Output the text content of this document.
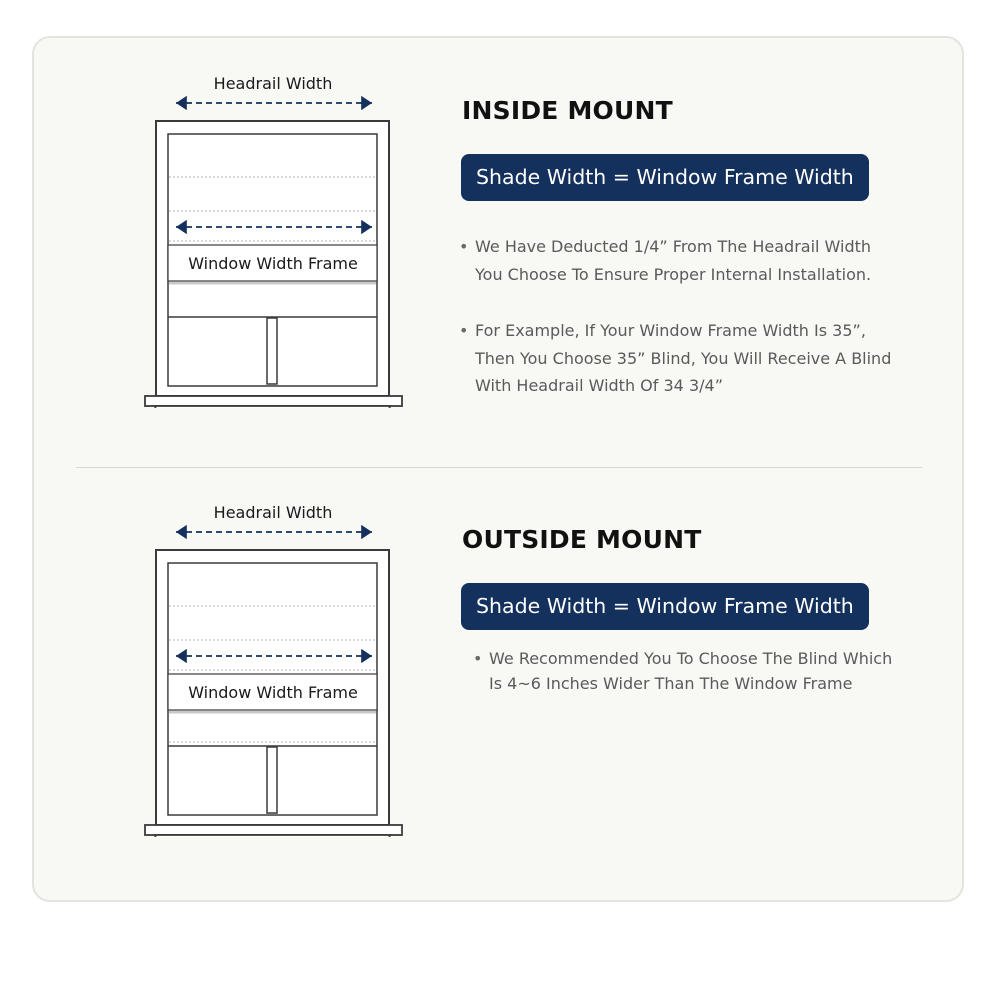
Headrail Width
Window Width Frame
INSIDE MOUNT
Shade Width = Window Frame Width
• We Have Deducted 1/4” From The Headrail Width You Choose To Ensure Proper Internal Installation.
• For Example, If Your Window Frame Width Is 35”, Then You Choose 35” Blind, You Will Receive A Blind With Headrail Width Of 34 3/4”
Headrail Width
Window Width Frame
OUTSIDE MOUNT
Shade Width = Window Frame Width
• We Recommended You To Choose The Blind Which Is 4~6 Inches Wider Than The Window Frame
